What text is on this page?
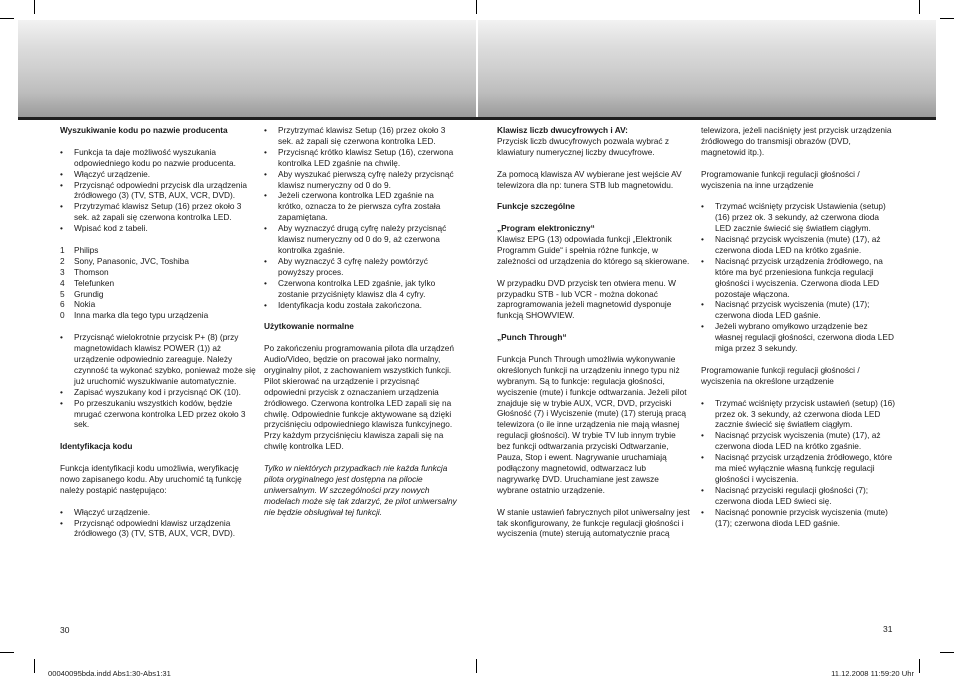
Wyszukiwanie kodu po nazwie producenta

• Funkcja ta daje możliwość wyszukania odpowiedniego kodu po nazwie producenta.
• Włączyć urządzenie.
• Przycisnąć odpowiedni przycisk dla urządzenia źródłowego (3) (TV, STB, AUX, VCR, DVD).
• Przytrzymać klawisz Setup (16) przez około 3 sek. aż zapali się czerwona kontrolka LED.
• Wpisać kod z tabeli.
1 Philips
2 Sony, Panasonic, JVC, Toshiba
3 Thomson
4 Telefunken
5 Grundig
6 Nokia
0 Inna marka dla tego typu urządzenia
• Przycisnąć wielokrotnie przycisk P+ (8) (przy magnetowidach klawisz POWER (1)) aż urządzenie odpowiednio zareaguje. Należy czynność ta wykonać szybko, ponieważ może się już uruchomić wyszukiwanie automatycznie.
• Zapisać wyszukany kod i przycisnąć OK (10).
• Po przeszukaniu wszystkich kodów, będzie mrugać czerwona kontrolka LED przez około 3 sek.

Identyfikacja kodu

Funkcja identyfikacji kodu umożliwia, weryfikację nowo zapisanego kodu. Aby uruchomić tą funkcję należy postąpić następująco:

• Włączyć urządzenie.
• Przycisnąć odpowiedni klawisz urządzenia źródłowego (3) (TV, STB, AUX, VCR, DVD).
• Przytrzymać klawisz Setup (16) przez około 3 sek. aż zapali się czerwona kontrolka LED.
• Przycisnąć krótko klawisz Setup (16), czerwona kontrolka LED zgaśnie na chwilę.
• Aby wyszukać pierwszą cyfrę należy przycisnąć klawisz numeryczny od 0 do 9.
• Jeżeli czerwona kontrolka LED zgaśnie na krótko, oznacza to że pierwsza cyfra została zapamiętana.
• Aby wyznaczyć drugą cyfrę należy przycisnąć klawisz numeryczny od 0 do 9, aż czerwona kontrolka zgaśnie.
• Aby wyznaczyć 3 cyfrę należy powtórzyć powyższy proces.
• Czerwona kontrolka LED zgaśnie, jak tylko zostanie przyciśnięty klawisz dla 4 cyfry.
• Identyfikacja kodu została zakończona.

Użytkowanie normalne

Po zakończeniu programowania pilota dla urządzeń Audio/Video, będzie on pracował jako normalny, oryginalny pilot, z zachowaniem wszystkich funkcji. Pilot skierować na urządzenie i przycisnąć odpowiedni przycisk z oznaczaniem urządzenia źródłowego. Czerwona kontrolka LED zapali się na chwilę. Odpowiednie funkcje aktywowane są dzięki przyciśnięciu odpowiedniego klawisza funkcyjnego. Przy każdym przyciśnięciu klawisza zapali się na chwilę kontrolka LED.

Tylko w niektórych przypadkach nie każda funkcja pilota oryginalnego jest dostępna na pilocie uniwersalnym. W szczególności przy nowych modelach może się tak zdarzyć, że pilot uniwersalny nie będzie obsługiwał tej funkcji.

Klawisz liczb dwucyfrowych i AV:

Przycisk liczb dwucyfrowych pozwala wybrać z klawiatury numerycznej liczby dwucyfrowe.

Za pomocą klawisza AV wybierane jest wejście AV telewizora dla np: tunera STB lub magnetowidu.

Funkcje szczególne

„Program elektroniczny“

Klawisz EPG (13) odpowiada funkcji „Elektronik Programm Guide“ i spełnia różne funkcje, w zależności od urządzenia do którego są skierowane.

W przypadku DVD przycisk ten otwiera menu. W przypadku STB - lub VCR - można dokonać zaprogramowania jeżeli magnetowid dysponuje funkcją SHOWVIEW.

„Punch Through“

Funkcja Punch Through umożliwia wykonywanie określonych funkcji na urządzeniu innego typu niż wybranym. Są to funkcje: regulacja głośności, wyciszenie (mute) i funkcje odtwarzania. Jeżeli pilot znajduje się w trybie AUX, VCR, DVD, przyciski Głośność (7) i Wyciszenie (mute) (17) sterują pracą telewizora (o ile inne urządzenia nie mają własnej regulacji głośności). W trybie TV lub innym trybie bez funkcji odtwarzania przyciski Odtwarzanie, Pauza, Stop i ewent. Nagrywanie uruchamiają podłączony magnetowid, odtwarzacz lub nagrywarkę DVD. Uruchamiane jest zawsze wybrane ostatnio urządzenie.

W stanie ustawień fabrycznych pilot uniwersalny jest tak skonfigurowany, że funkcje regulacji głośności i wyciszenia (mute) sterują automatycznie pracą

telewizora, jeżeli naciśnięty jest przycisk urządzenia źródłowego do transmisji obrazów (DVD, magnetowid itp.).

Programowanie funkcji regulacji głośności / wyciszenia na inne urządzenie

• Trzymać wciśnięty przycisk Ustawienia (setup) (16) przez ok. 3 sekundy, aż czerwona dioda LED zacznie świecić się światłem ciągłym.
• Nacisnąć przycisk wyciszenia (mute) (17), aż czerwona dioda LED na krótko zgaśnie.
• Nacisnąć przycisk urządzenia źródłowego, na które ma być przeniesiona funkcja regulacji głośności i wyciszenia. Czerwona dioda LED pozostaje włączona.
• Nacisnąć przycisk wyciszenia (mute) (17); czerwona dioda LED gaśnie.
• Jeżeli wybrano omyłkowo urządzenie bez własnej regulacji głośności, czerwona dioda LED miga przez 3 sekundy.

Programowanie funkcji regulacji głośności / wyciszenia na określone urządzenie

• Trzymać wciśnięty przycisk ustawień (setup) (16) przez ok. 3 sekundy, aż czerwona dioda LED zacznie świecić się światłem ciągłym.
• Nacisnąć przycisk wyciszenia (mute) (17), aż czerwona dioda LED na krótko zgaśnie.
• Nacisnąć przycisk urządzenia źródłowego, które ma mieć wyłącznie własną funkcję regulacji głośności i wyciszenia.
• Nacisnąć przyciski regulacji głośności (7); czerwona dioda LED świeci się.
• Nacisnąć ponownie przycisk wyciszenia (mute) (17); czerwona dioda LED gaśnie.
30	31
00040095bda.indd Abs1:30-Abs1:31	11.12.2008 11:59:20 Uhr
